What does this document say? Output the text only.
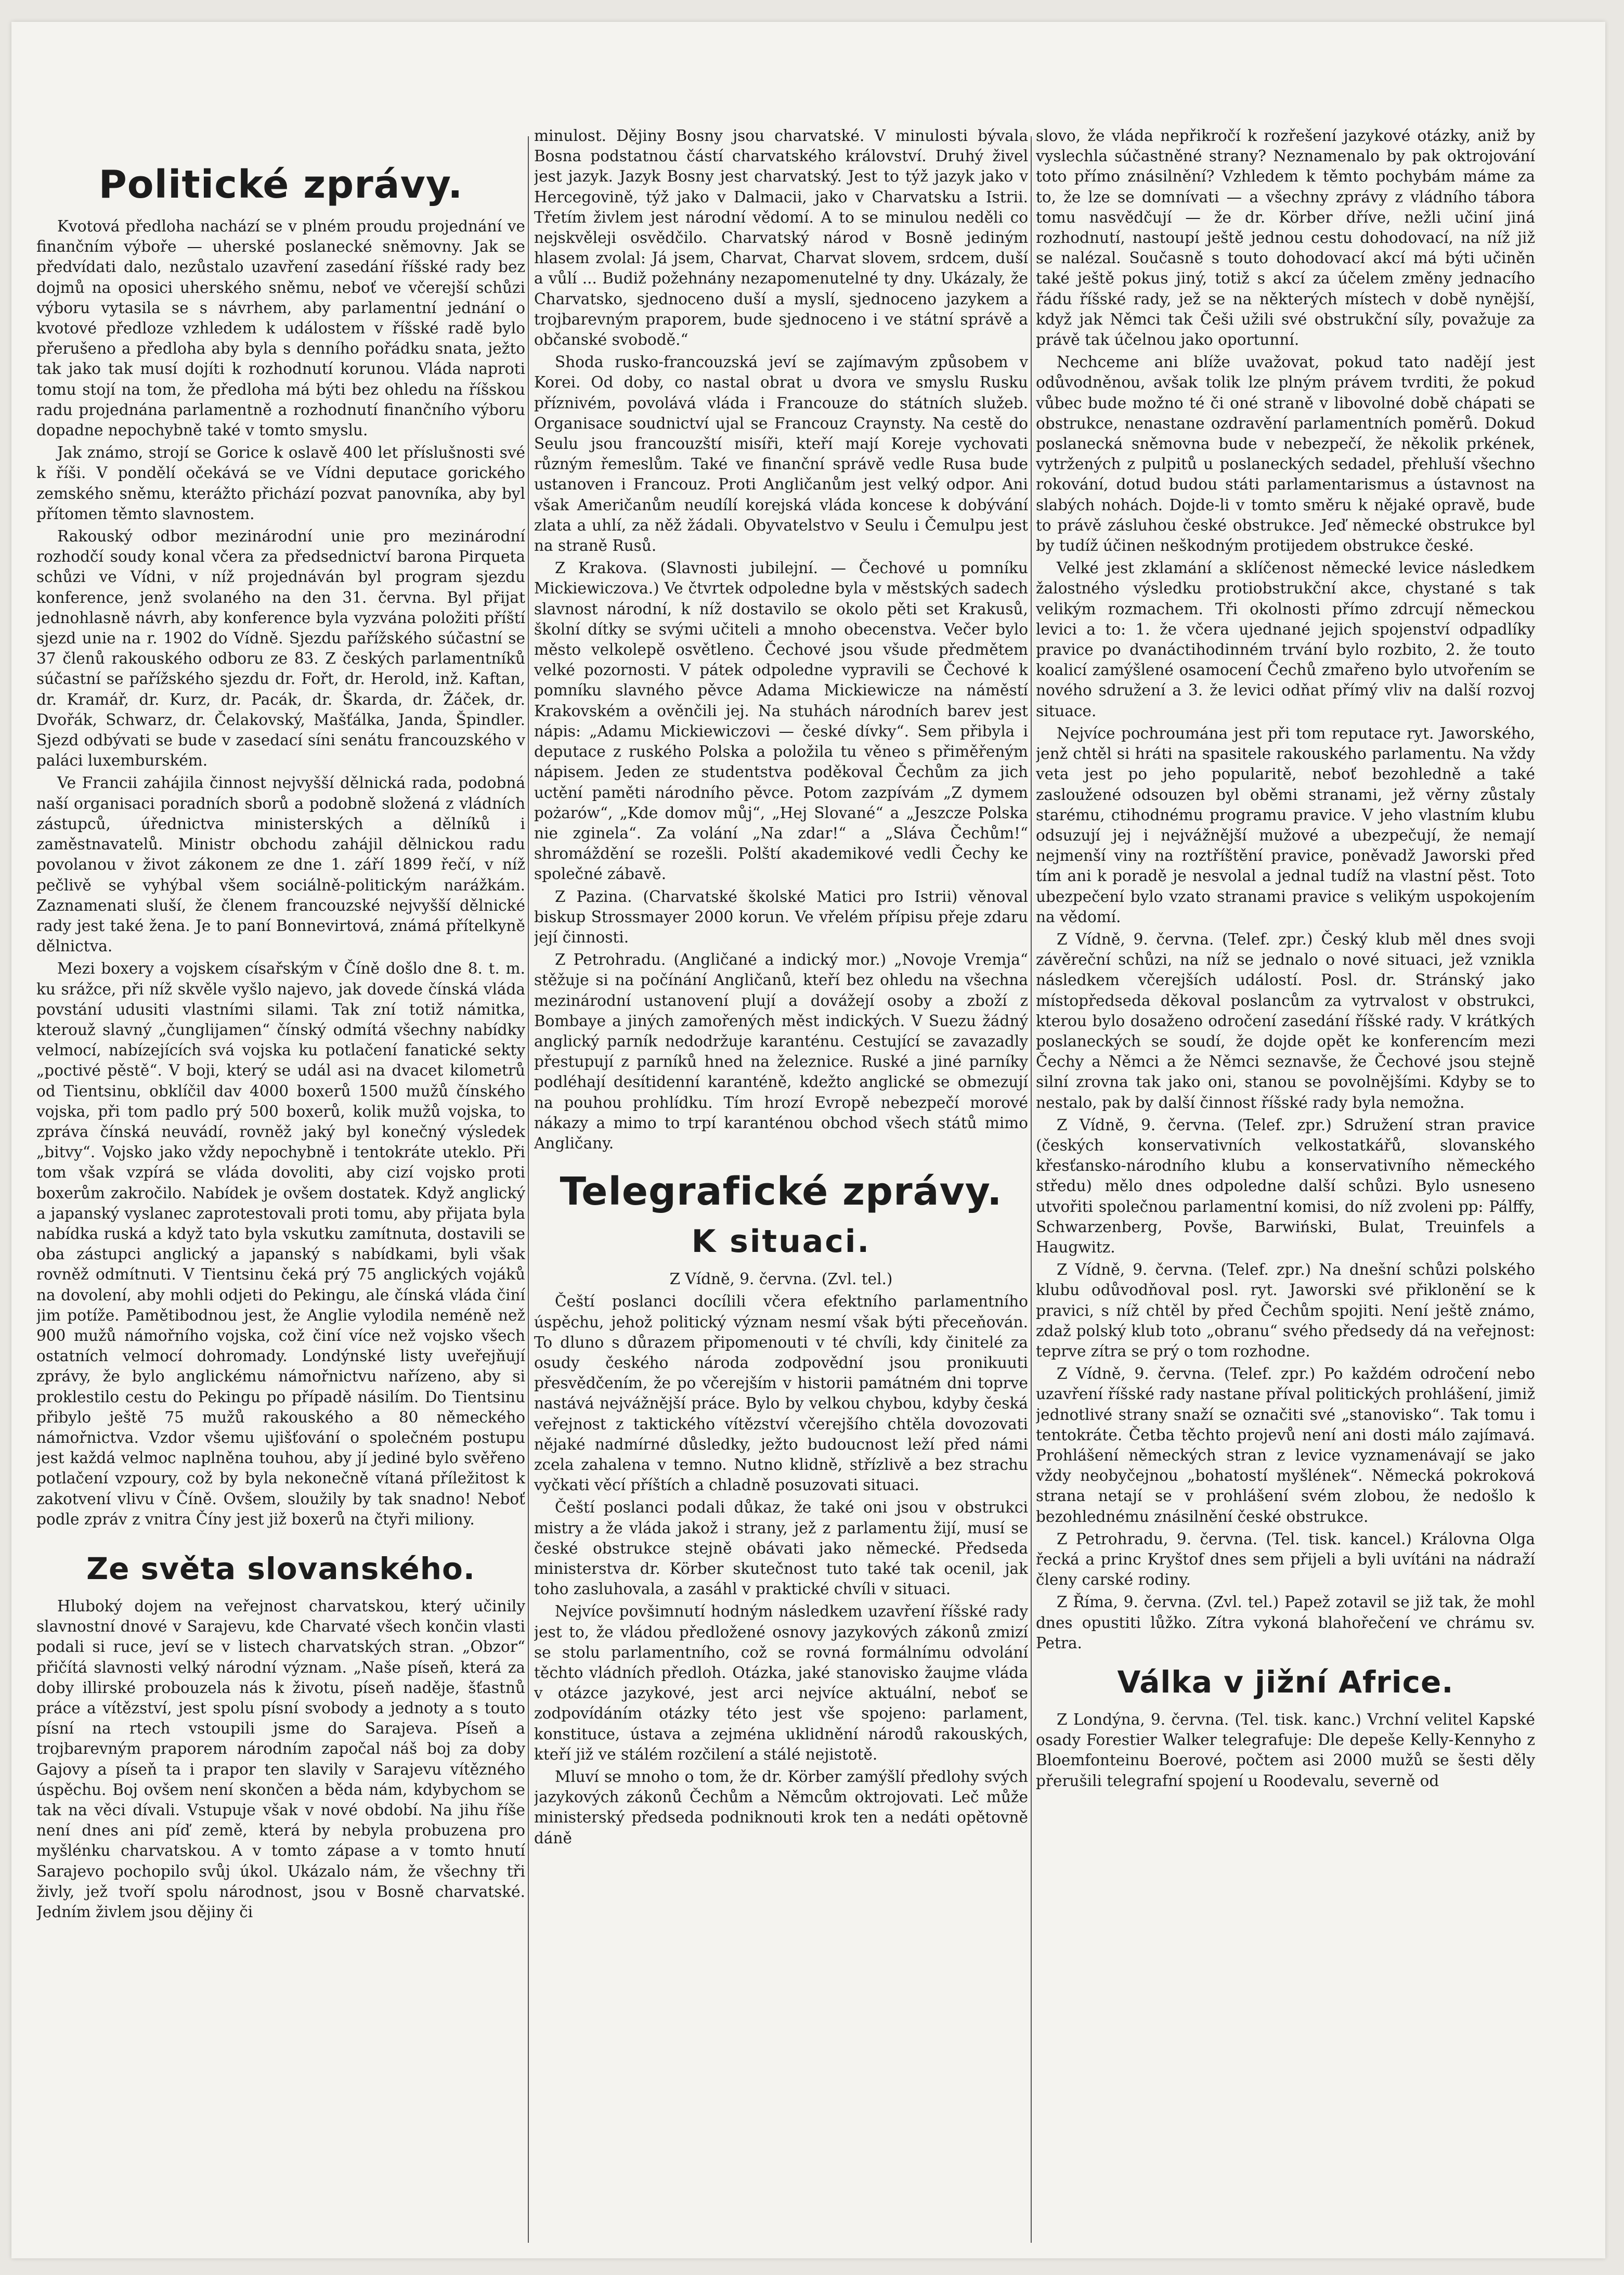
Politické zprávy.

Kvotová předloha nachází se v plném proudu projednání ve finančním výboře — uherské poslanecké sněmovny. Jak se předvídati dalo, nezůstalo uzavření zasedání říšské rady bez dojmů na oposici uherského sněmu, neboť ve včerejší schůzi výboru vytasila se s návrhem, aby parlamentní jednání o kvotové předloze vzhledem k událostem v říšské radě bylo přerušeno a předloha aby byla s denního pořádku snata, ježto tak jako tak musí dojíti k rozhodnutí korunou. Vláda naproti tomu stojí na tom, že předloha má býti bez ohledu na říšskou radu projednána parlamentně a rozhodnutí finančního výboru dopadne nepochybně také v tomto smyslu.

Jak známo, strojí se Gorice k oslavě 400 let příslušnosti své k říši. V pondělí očekává se ve Vídni deputace gorického zemského sněmu, kterážto přichází pozvat panovníka, aby byl přítomen těmto slavnostem.

Rakouský odbor mezinárodní unie pro mezinárodní rozhodčí soudy konal včera za předsednictví barona Pirqueta schůzi ve Vídni, v níž projednáván byl program sjezdu konference, jenž svolaného na den 31. června. Byl přijat jednohlasně návrh, aby konference byla vyzvána položiti příští sjezd unie na r. 1902 do Vídně. Sjezdu pařížského súčastní se 37 členů rakouského odboru ze 83. Z českých parlamentníků súčastní se pařížského sjezdu dr. Fořt, dr. Herold, inž. Kaftan, dr. Kramář, dr. Kurz, dr. Pacák, dr. Škarda, dr. Žáček, dr. Dvořák, Schwarz, dr. Čelakovský, Mašťálka, Janda, Špindler. Sjezd odbývati se bude v zasedací síni senátu francouzského v paláci luxemburském.

Ve Francii zahájila činnost nejvyšší dělnická rada, podobná naší organisaci poradních sborů a podobně složená z vládních zástupců, úřednictva ministerských a dělníků i zaměstnavatelů. Ministr obchodu zahájil dělnickou radu povolanou v život zákonem ze dne 1. září 1899 řečí, v níž pečlivě se vyhýbal všem sociálně-politickým narážkám. Zaznamenati sluší, že členem francouzské nejvyšší dělnické rady jest také žena. Je to paní Bonnevirtová, známá přítelkyně dělnictva.

Mezi boxery a vojskem císařským v Číně došlo dne 8. t. m. ku srážce, při níž skvěle vyšlo najevo, jak dovede čínská vláda povstání udusiti vlastními silami. Tak zní totiž námitka, kterouž slavný „čunglijamen“ čínský odmítá všechny nabídky velmocí, nabízejících svá vojska ku potlačení fanatické sekty „poctivé pěstě“. V boji, který se udál asi na dvacet kilometrů od Tientsinu, obklíčil dav 4000 boxerů 1500 mužů čínského vojska, při tom padlo prý 500 boxerů, kolik mužů vojska, to zpráva čínská neuvádí, rovněž jaký byl konečný výsledek „bitvy“. Vojsko jako vždy nepochybně i tentokráte uteklo. Při tom však vzpírá se vláda dovoliti, aby cizí vojsko proti boxerům zakročilo. Nabídek je ovšem dostatek. Když anglický a japanský vyslanec zaprotestovali proti tomu, aby přijata byla nabídka ruská a když tato byla vskutku zamítnuta, dostavili se oba zástupci anglický a japanský s nabídkami, byli však rovněž odmítnuti. V Tientsinu čeká prý 75 anglických vojáků na dovolení, aby mohli odjeti do Pekingu, ale čínská vláda činí jim potíže. Pamětibodnou jest, že Anglie vylodila neméně než 900 mužů námořního vojska, což činí více než vojsko všech ostatních velmocí dohromady. Londýnské listy uveřejňují zprávy, že bylo anglickému námořnictvu nařízeno, aby si proklestilo cestu do Pekingu po případě násilím. Do Tientsinu přibylo ještě 75 mužů rakouského a 80 německého námořnictva. Vzdor všemu ujišťování o společném postupu jest každá velmoc naplněna touhou, aby jí jediné bylo svěřeno potlačení vzpoury, což by byla nekonečně vítaná příležitost k zakotvení vlivu v Číně. Ovšem, sloužily by tak snadno! Neboť podle zpráv z vnitra Číny jest již boxerů na čtyři miliony.

Ze světa slovanského.

Hluboký dojem na veřejnost charvatskou, který učinily slavnostní dnové v Sarajevu, kde Charvaté všech končin vlasti podali si ruce, jeví se v listech charvatských stran. „Obzor“ přičítá slavnosti velký národní význam. „Naše píseň, která za doby illirské probouzela nás k životu, píseň naděje, šťastnů práce a vítězství, jest spolu písní svobody a jednoty a s touto písní na rtech vstoupili jsme do Sarajeva. Píseň a trojbarevným praporem národním započal náš boj za doby Gajovy a píseň ta i prapor ten slavily v Sarajevu vítězného úspěchu. Boj ovšem není skončen a běda nám, kdybychom se tak na věci dívali. Vstupuje však v nové období. Na jihu říše není dnes ani píď země, která by nebyla probuzena pro myšlénku charvatskou. A v tomto zápase a v tomto hnutí Sarajevo pochopilo svůj úkol. Ukázalo nám, že všechny tři živly, jež tvoří spolu národnost, jsou v Bosně charvatské. Jedním živlem jsou dějiny či

minulost. Dějiny Bosny jsou charvatské. V minulosti bývala Bosna podstatnou částí charvatského království. Druhý živel jest jazyk. Jazyk Bosny jest charvatský. Jest to týž jazyk jako v Hercegovině, týž jako v Dalmacii, jako v Charvatsku a Istrii. Třetím živlem jest národní vědomí. A to se minulou neděli co nejskvěleji osvědčilo. Charvatský národ v Bosně jediným hlasem zvolal: Já jsem, Charvat, Charvat slovem, srdcem, duší a vůlí ... Budiž požehnány nezapomenutelné ty dny. Ukázaly, že Charvatsko, sjednoceno duší a myslí, sjednoceno jazykem a trojbarevným praporem, bude sjednoceno i ve státní správě a občanské svobodě.“

Shoda rusko-francouzská jeví se zajímavým způsobem v Korei. Od doby, co nastal obrat u dvora ve smyslu Rusku příznivém, povolává vláda i Francouze do státních služeb. Organisace soudnictví ujal se Francouz Craynsty. Na cestě do Seulu jsou francouzští misíři, kteří mají Koreje vychovati různým řemeslům. Také ve finanční správě vedle Rusa bude ustanoven i Francouz. Proti Angličanům jest velký odpor. Ani však Američanům neudílí korejská vláda koncese k dobývání zlata a uhlí, za něž žádali. Obyvatelstvo v Seulu i Čemulpu jest na straně Rusů.

Z Krakova. (Slavnosti jubilejní. — Čechové u pomníku Mickiewiczova.) Ve čtvrtek odpoledne byla v městských sadech slavnost národní, k níž dostavilo se okolo pěti set Krakusů, školní dítky se svými učiteli a mnoho obecenstva. Večer bylo město velkolepě osvětleno. Čechové jsou všude předmětem velké pozornosti. V pátek odpoledne vypravili se Čechové k pomníku slavného pěvce Adama Mickiewicze na náměstí Krakovském a ověnčili jej. Na stuhách národních barev jest nápis: „Adamu Mickiewiczovi — české dívky“. Sem přibyla i deputace z ruského Polska a položila tu věneo s přiměřeným nápisem. Jeden ze studentstva poděkoval Čechům za jich uctění paměti národního pěvce. Potom zazpívám „Z dymem pożarów“, „Kde domov můj“, „Hej Slované“ a „Jeszcze Polska nie zginela“. Za volání „Na zdar!“ a „Sláva Čechům!“ shromáždění se rozešli. Polští akademikové vedli Čechy ke společné zábavě.

Z Pazina. (Charvatské školské Matici pro Istrii) věnoval biskup Strossmayer 2000 korun. Ve vřelém přípisu přeje zdaru její činnosti.

Z Petrohradu. (Angličané a indický mor.) „Novoje Vremja“ stěžuje si na počínání Angličanů, kteří bez ohledu na všechna mezinárodní ustanovení plují a dovážejí osoby a zboží z Bombaye a jiných zamořených měst indických. V Suezu žádný anglický parník nedodržuje karanténu. Cestující se zavazadly přestupují z parníků hned na železnice. Ruské a jiné parníky podléhají desítidenní karanténě, kdežto anglické se obmezují na pouhou prohlídku. Tím hrozí Evropě nebezpečí morové nákazy a mimo to trpí karanténou obchod všech států mimo Angličany.

Telegrafické zprávy.
K situaci.

Z Vídně, 9. června. (Zvl. tel.)

Čeští poslanci docílili včera efektního parlamentního úspěchu, jehož politický význam nesmí však býti přeceňován. To dluno s důrazem připomenouti v té chvíli, kdy činitelé za osudy českého národa zodpovědní jsou pronikuuti přesvědčením, že po včerejším v historii památném dni toprve nastává nejvážnější práce. Bylo by velkou chybou, kdyby česká veřejnost z taktického vítězství včerejšího chtěla dovozovati nějaké nadmírné důsledky, ježto budoucnost leží před námi zcela zahalena v temno. Nutno klidně, střízlivě a bez strachu vyčkati věcí příštích a chladně posuzovati situaci.

Čeští poslanci podali důkaz, že také oni jsou v obstrukci mistry a že vláda jakož i strany, jež z parlamentu žijí, musí se české obstrukce stejně obávati jako německé. Předseda ministerstva dr. Körber skutečnost tuto také tak ocenil, jak toho zasluhovala, a zasáhl v praktické chvíli v situaci.

Nejvíce povšimnutí hodným následkem uzavření říšské rady jest to, že vládou předložené osnovy jazykových zákonů zmizí se stolu parlamentního, což se rovná formálnímu odvolání těchto vládních předloh. Otázka, jaké stanovisko žaujme vláda v otázce jazykové, jest arci nejvíce aktuální, neboť se zodpovídáním otázky této jest vše spojeno: parlament, konstituce, ústava a zejména uklidnění národů rakouských, kteří již ve stálém rozčilení a stálé nejistotě.

Mluví se mnoho o tom, že dr. Körber zamýšlí předlohy svých jazykových zákonů Čechům a Němcům oktrojovati. Leč může ministerský předseda podniknouti krok ten a nedáti opětovně dáně

slovo, že vláda nepřikročí k rozřešení jazykové otázky, aniž by vyslechla súčastněné strany? Neznamenalo by pak oktrojování toto přímo znásilnění? Vzhledem k těmto pochybám máme za to, že lze se domnívati — a všechny zprávy z vládního tábora tomu nasvědčují — že dr. Körber dříve, nežli učiní jiná rozhodnutí, nastoupí ještě jednou cestu dohodovací, na níž již se nalézal. Současně s touto dohodovací akcí má býti učiněn také ještě pokus jiný, totiž s akcí za účelem změny jednacího řádu říšské rady, jež se na některých místech v době nynější, když jak Němci tak Češi užili své obstrukční síly, považuje za právě tak účelnou jako oportunní.

Nechceme ani blíže uvažovat, pokud tato nadějí jest odůvodněnou, avšak tolik lze plným právem tvrditi, že pokud vůbec bude možno té či oné straně v libovolné době chápati se obstrukce, nenastane ozdravění parlamentních poměrů. Dokud poslanecká sněmovna bude v nebezpečí, že několik prkének, vytržených z pulpitů u poslaneckých sedadel, přehluší všechno rokování, dotud budou státi parlamentarismus a ústavnost na slabých nohách. Dojde-li v tomto směru k nějaké opravě, bude to právě zásluhou české obstrukce. Jeď německé obstrukce byl by tudíž účinen neškodným protijedem obstrukce české.

Velké jest zklamání a sklíčenost německé levice následkem žalostného výsledku protiobstrukční akce, chystané s tak velikým rozmachem. Tři okolnosti přímo zdrcují německou levici a to: 1. že včera ujednané jejich spojenství odpadlíky pravice po dvanáctihodinném trvání bylo rozbito, 2. že touto koalicí zamýšlené osamocení Čechů zmařeno bylo utvořením se nového sdružení a 3. že levici odňat přímý vliv na další rozvoj situace.

Nejvíce pochroumána jest při tom reputace ryt. Jaworského, jenž chtěl si hráti na spasitele rakouského parlamentu. Na vždy veta jest po jeho popularitě, neboť bezohledně a také zasloužené odsouzen byl oběmi stranami, jež věrny zůstaly starému, ctihodnému programu pravice. V jeho vlastním klubu odsuzují jej i nejvážnější mužové a ubezpečují, že nemají nejmenší viny na roztříštění pravice, poněvadž Jaworski před tím ani k poradě je nesvolal a jednal tudíž na vlastní pěst. Toto ubezpečení bylo vzato stranami pravice s velikým uspokojením na vědomí.

Z Vídně, 9. června. (Telef. zpr.) Český klub měl dnes svoji závěreční schůzi, na níž se jednalo o nové situaci, jež vznikla následkem včerejších událostí. Posl. dr. Stránský jako místopředseda děkoval poslancům za vytrvalost v obstrukci, kterou bylo dosaženo odročení zasedání říšské rady. V krátkých poslaneckých se soudí, že dojde opět ke konferencím mezi Čechy a Němci a že Němci seznavše, že Čechové jsou stejně silní zrovna tak jako oni, stanou se povolnějšími. Kdyby se to nestalo, pak by další činnost říšské rady byla nemožna.

Z Vídně, 9. června. (Telef. zpr.) Sdružení stran pravice (českých konservativních velkostatkářů, slovanského křesťansko-národního klubu a konservativního německého středu) mělo dnes odpoledne další schůzi. Bylo usneseno utvořiti společnou parlamentní komisi, do níž zvoleni pp: Pálffy, Schwarzenberg, Povše, Barwiński, Bulat, Treuinfels a Haugwitz.

Z Vídně, 9. června. (Telef. zpr.) Na dnešní schůzi polského klubu odůvodňoval posl. ryt. Jaworski své přiklonění se k pravici, s níž chtěl by před Čechům spojiti. Není ještě známo, zdaž polský klub toto „obranu“ svého předsedy dá na veřejnost: teprve zítra se prý o tom rozhodne.

Z Vídně, 9. června. (Telef. zpr.) Po každém odročení nebo uzavření říšské rady nastane příval politických prohlášení, jimiž jednotlivé strany snaží se označiti své „stanovisko“. Tak tomu i tentokráte. Četba těchto projevů není ani dosti málo zajímavá. Prohlášení německých stran z levice vyznamenávají se jako vždy neobyčejnou „bohatostí myšlének“. Německá pokroková strana netají se v prohlášení svém zlobou, že nedošlo k bezohlednému znásilnění české obstrukce.

Z Petrohradu, 9. června. (Tel. tisk. kancel.) Královna Olga řecká a princ Kryštof dnes sem přijeli a byli uvítáni na nádraží členy carské rodiny.

Z Říma, 9. června. (Zvl. tel.) Papež zotavil se již tak, že mohl dnes opustiti lůžko. Zítra vykoná blahořečení ve chrámu sv. Petra.

Válka v jižní Africe.

Z Londýna, 9. června. (Tel. tisk. kanc.) Vrchní velitel Kapské osady Forestier Walker telegrafuje: Dle depeše Kelly-Kennyho z Bloemfonteinu Boerové, počtem asi 2000 mužů se šesti děly přerušili telegrafní spojení u Roodevalu, severně od
